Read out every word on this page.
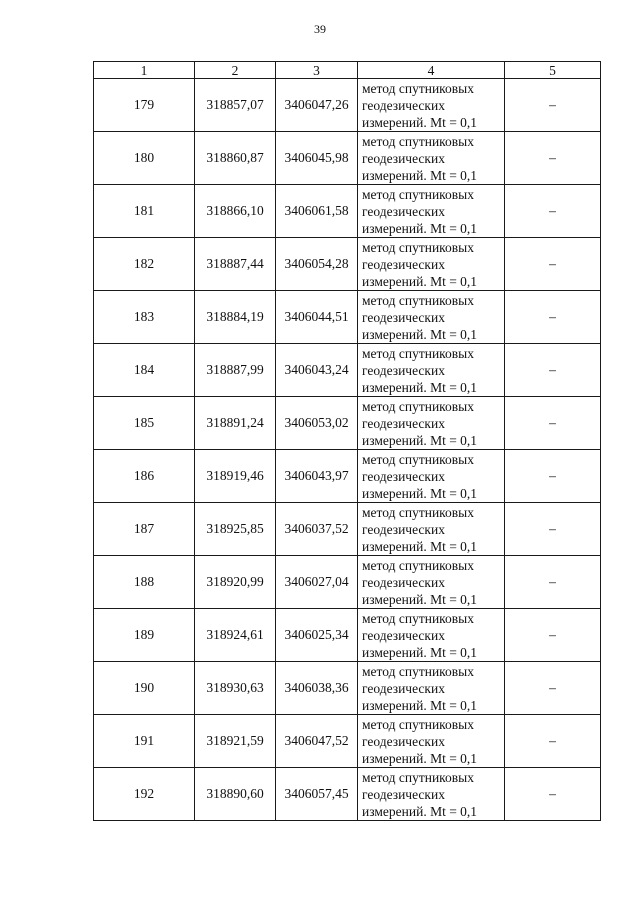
39
1	2	3	4	5
179	318857,07	3406047,26	метод спутниковых
геодезических
измерений. Mt = 0,1	–
180	318860,87	3406045,98	метод спутниковых
геодезических
измерений. Mt = 0,1	–
181	318866,10	3406061,58	метод спутниковых
геодезических
измерений. Mt = 0,1	–
182	318887,44	3406054,28	метод спутниковых
геодезических
измерений. Mt = 0,1	–
183	318884,19	3406044,51	метод спутниковых
геодезических
измерений. Mt = 0,1	–
184	318887,99	3406043,24	метод спутниковых
геодезических
измерений. Mt = 0,1	–
185	318891,24	3406053,02	метод спутниковых
геодезических
измерений. Mt = 0,1	–
186	318919,46	3406043,97	метод спутниковых
геодезических
измерений. Mt = 0,1	–
187	318925,85	3406037,52	метод спутниковых
геодезических
измерений. Mt = 0,1	–
188	318920,99	3406027,04	метод спутниковых
геодезических
измерений. Mt = 0,1	–
189	318924,61	3406025,34	метод спутниковых
геодезических
измерений. Mt = 0,1	–
190	318930,63	3406038,36	метод спутниковых
геодезических
измерений. Mt = 0,1	–
191	318921,59	3406047,52	метод спутниковых
геодезических
измерений. Mt = 0,1	–
192	318890,60	3406057,45	метод спутниковых
геодезических
измерений. Mt = 0,1	–
